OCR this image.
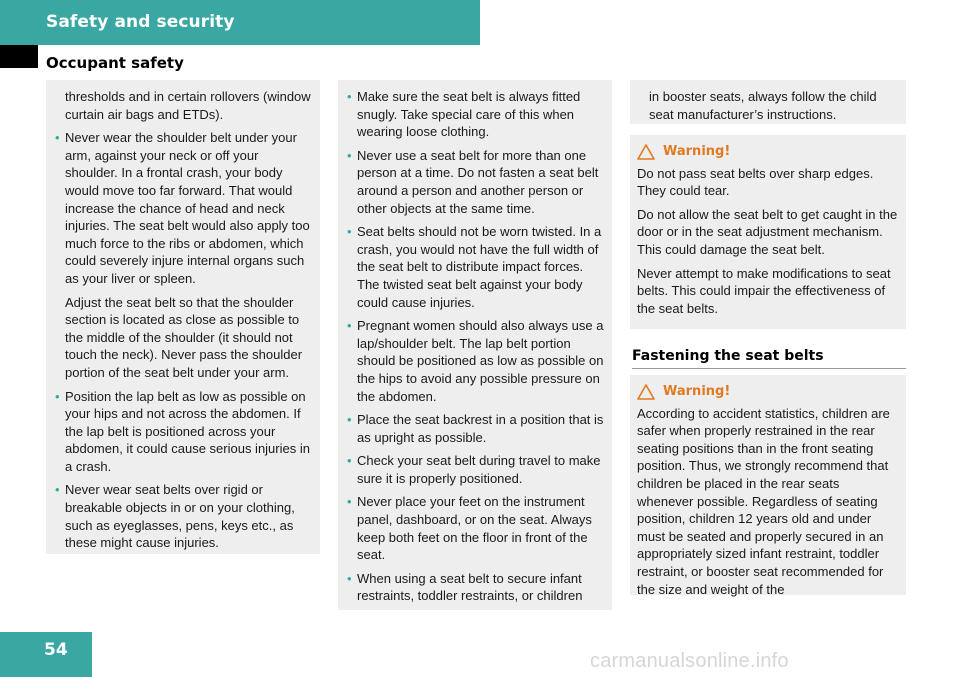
Safety and security
Occupant safety

thresholds and in certain rollovers (window curtain air bags and ETDs).

• Never wear the shoulder belt under your arm, against your neck or off your shoulder. In a frontal crash, your body would move too far forward. That would increase the chance of head and neck injuries. The seat belt would also apply too much force to the ribs or abdomen, which could severely injure internal organs such as your liver or spleen.

Adjust the seat belt so that the shoulder section is located as close as possible to the middle of the shoulder (it should not touch the neck). Never pass the shoulder portion of the seat belt under your arm.

• Position the lap belt as low as possible on your hips and not across the abdomen. If the lap belt is positioned across your abdomen, it could cause serious injuries in a crash.
• Never wear seat belts over rigid or breakable objects in or on your clothing, such as eyeglasses, pens, keys etc., as these might cause injuries.
• Make sure the seat belt is always fitted snugly. Take special care of this when wearing loose clothing.
• Never use a seat belt for more than one person at a time. Do not fasten a seat belt around a person and another person or other objects at the same time.
• Seat belts should not be worn twisted. In a crash, you would not have the full width of the seat belt to distribute impact forces. The twisted seat belt against your body could cause injuries.
• Pregnant women should also always use a lap/shoulder belt. The lap belt portion should be positioned as low as possible on the hips to avoid any possible pressure on the abdomen.
• Place the seat backrest in a position that is as upright as possible.
• Check your seat belt during travel to make sure it is properly positioned.
• Never place your feet on the instrument panel, dashboard, or on the seat. Always keep both feet on the floor in front of the seat.
• When using a seat belt to secure infant restraints, toddler restraints, or children

in booster seats, always follow the child seat manufacturer’s instructions.

Warning!

Do not pass seat belts over sharp edges. They could tear.

Do not allow the seat belt to get caught in the door or in the seat adjustment mechanism. This could damage the seat belt.

Never attempt to make modifications to seat belts. This could impair the effectiveness of the seat belts.

Fastening the seat belts
Warning!

According to accident statistics, children are safer when properly restrained in the rear seating positions than in the front seating position. Thus, we strongly recommend that children be placed in the rear seats whenever possible. Regardless of seating position, children 12 years old and under must be seated and properly secured in an appropriately sized infant restraint, toddler restraint, or booster seat recommended for the size and weight of the

54	carmanualsonline.info
